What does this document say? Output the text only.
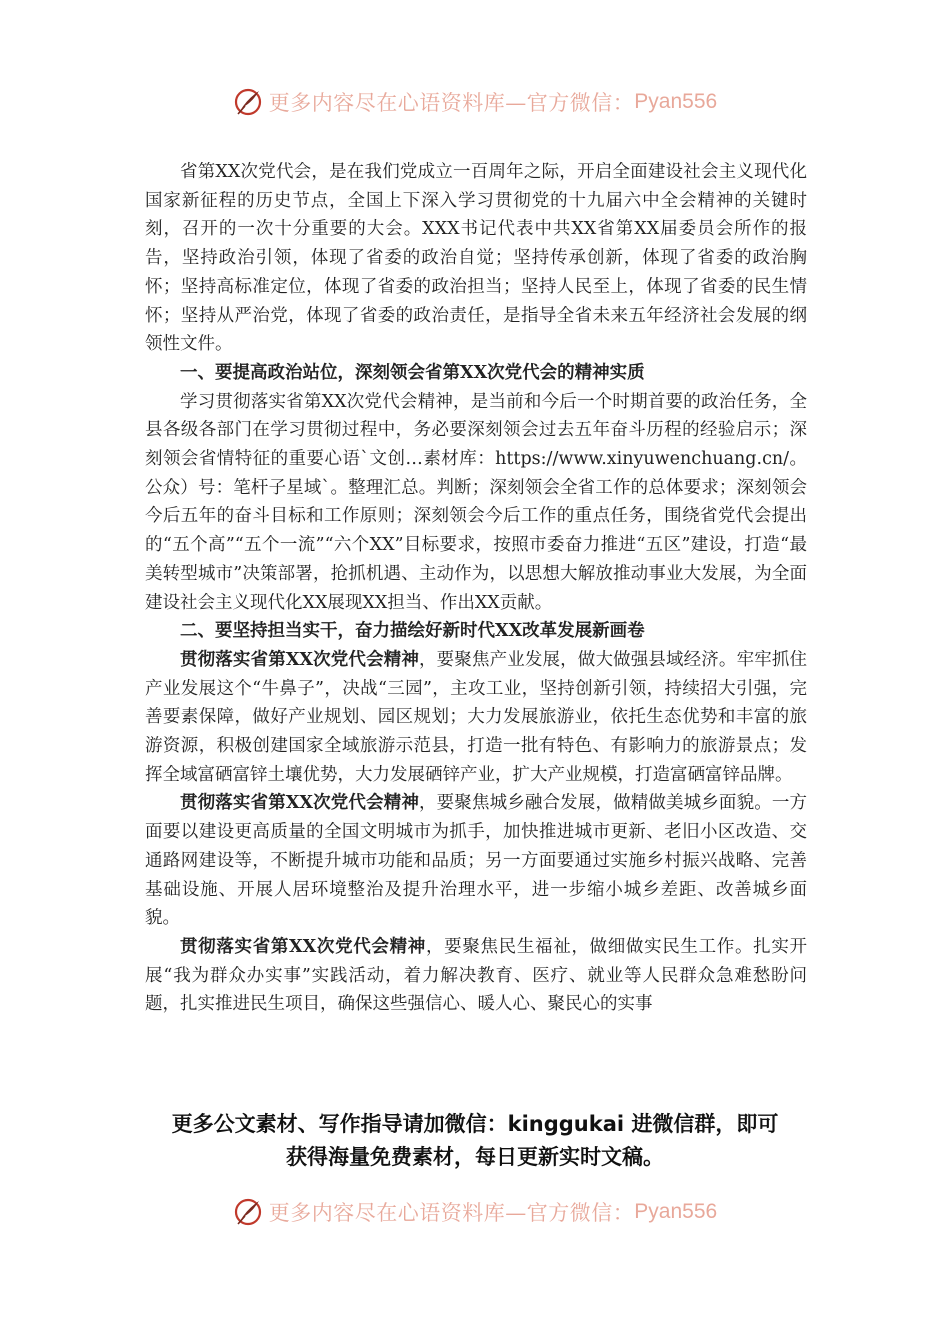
更多内容尽在心语资料库—官方微信： Pyan556

省第XX次党代会，是在我们党成立一百周年之际，开启全面建设社会主义现代化国家新征程的历史节点，全国上下深入学习贯彻党的十九届六中全会精神的关键时刻，召开的一次十分重要的大会。XXX书记代表中共XX省第XX届委员会所作的报告，坚持政治引领，体现了省委的政治自觉；坚持传承创新，体现了省委的政治胸怀；坚持高标准定位，体现了省委的政治担当；坚持人民至上，体现了省委的民生情怀；坚持从严治党，体现了省委的政治责任，是指导全省未来五年经济社会发展的纲领性文件。

一、要提高政治站位，深刻领会省第XX次党代会的精神实质

学习贯彻落实省第XX次党代会精神，是当前和今后一个时期首要的政治任务，全县各级各部门在学习贯彻过程中，务必要深刻领会过去五年奋斗历程的经验启示；深刻领会省情特征的重要心语`文创…素材库：https://www.xinyuwenchuang.cn/。公众）号：笔杆子星域`。整理汇总。判断；深刻领会全省工作的总体要求；深刻领会今后五年的奋斗目标和工作原则；深刻领会今后工作的重点任务，围绕省党代会提出的“五个高”“五个一流”“六个XX”目标要求，按照市委奋力推进“五区”建设，打造“最美转型城市”决策部署，抢抓机遇、主动作为，以思想大解放推动事业大发展，为全面建设社会主义现代化XX展现XX担当、作出XX贡献。

二、要坚持担当实干，奋力描绘好新时代XX改革发展新画卷

贯彻落实省第XX次党代会精神，要聚焦产业发展，做大做强县域经济。牢牢抓住产业发展这个“牛鼻子”，决战“三园”，主攻工业，坚持创新引领，持续招大引强，完善要素保障，做好产业规划、园区规划；大力发展旅游业，依托生态优势和丰富的旅游资源，积极创建国家全域旅游示范县，打造一批有特色、有影响力的旅游景点；发挥全域富硒富锌土壤优势，大力发展硒锌产业，扩大产业规模，打造富硒富锌品牌。

贯彻落实省第XX次党代会精神，要聚焦城乡融合发展，做精做美城乡面貌。一方面要以建设更高质量的全国文明城市为抓手，加快推进城市更新、老旧小区改造、交通路网建设等，不断提升城市功能和品质；另一方面要通过实施乡村振兴战略、完善基础设施、开展人居环境整治及提升治理水平，进一步缩小城乡差距、改善城乡面貌。

贯彻落实省第XX次党代会精神，要聚焦民生福祉，做细做实民生工作。扎实开展“我为群众办实事”实践活动，着力解决教育、医疗、就业等人民群众急难愁盼问题，扎实推进民生项目，确保这些强信心、暖人心、聚民心的实事

更多公文素材、写作指导请加微信：kinggukai 进微信群，即可
获得海量免费素材，每日更新实时文稿。
更多内容尽在心语资料库—官方微信： Pyan556
